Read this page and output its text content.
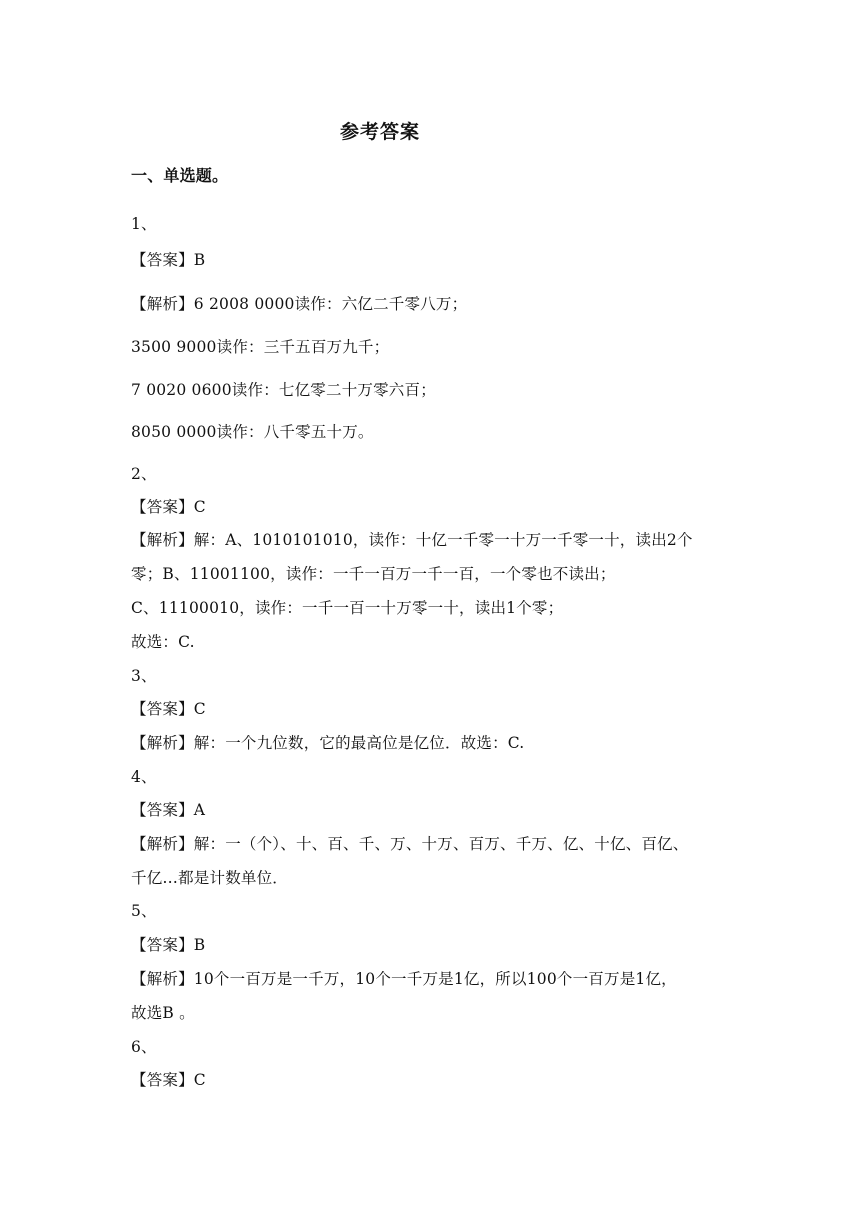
参考答案
一、单选题。
1、
【答案】B
【解析】6 2008 0000读作：六亿二千零八万；
3500 9000读作：三千五百万九千；
7 0020 0600读作：七亿零二十万零六百；
8050 0000读作：八千零五十万。
2、
【答案】C
【解析】解：A、1010101010，读作：十亿一千零一十万一千零一十，读出2个
零；B、11001100，读作：一千一百万一千一百，一个零也不读出；
C、11100010，读作：一千一百一十万零一十，读出1个零；
故选：C.
3、
【答案】C
【解析】解：一个九位数，它的最高位是亿位．故选：C.
4、
【答案】A
【解析】解：一（个）、十、百、千、万、十万、百万、千万、亿、十亿、百亿、
千亿…都是计数单位．
5、
【答案】B
【解析】10个一百万是一千万，10个一千万是1亿，所以100个一百万是1亿，
故选B 。
6、
【答案】C
